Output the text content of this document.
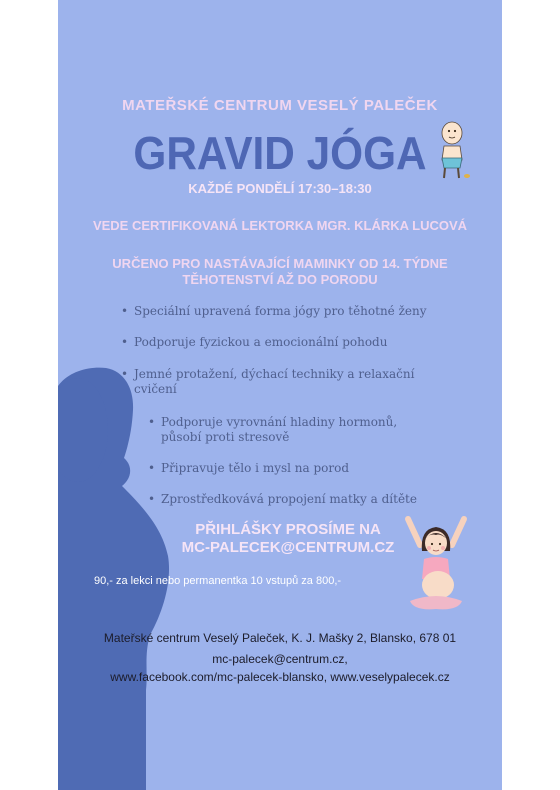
MATEŘSKÉ CENTRUM VESELÝ PALEČEK
GRAVID JÓGA
KAŽDÉ PONDĚLÍ 17:30–18:30
VEDE CERTIFIKOVANÁ LEKTORKA MGR. KLÁRKA LUCOVÁ
URČENO PRO NASTÁVAJÍCÍ MAMINKY OD 14. TÝDNE
TĚHOTENSTVÍ AŽ DO PORODU
• Speciální upravená forma jógy pro těhotné ženy
• Podporuje fyzickou a emocionální pohodu
• Jemné protažení, dýchací techniky a relaxační
cvičení
• Podporuje vyrovnání hladiny hormonů,
působí proti stresově
• Připravuje tělo i mysl na porod
• Zprostředkovává propojení matky a dítěte
PŘIHLÁŠKY PROSÍME NA
MC-PALECEK@CENTRUM.CZ
90,- za lekci nebo permanentka 10 vstupů za 800,-
Mateřské centrum Veselý Paleček, K. J. Mašky 2, Blansko, 678 01
mc-palecek@centrum.cz,
www.facebook.com/mc-palecek-blansko, www.veselypalecek.cz
